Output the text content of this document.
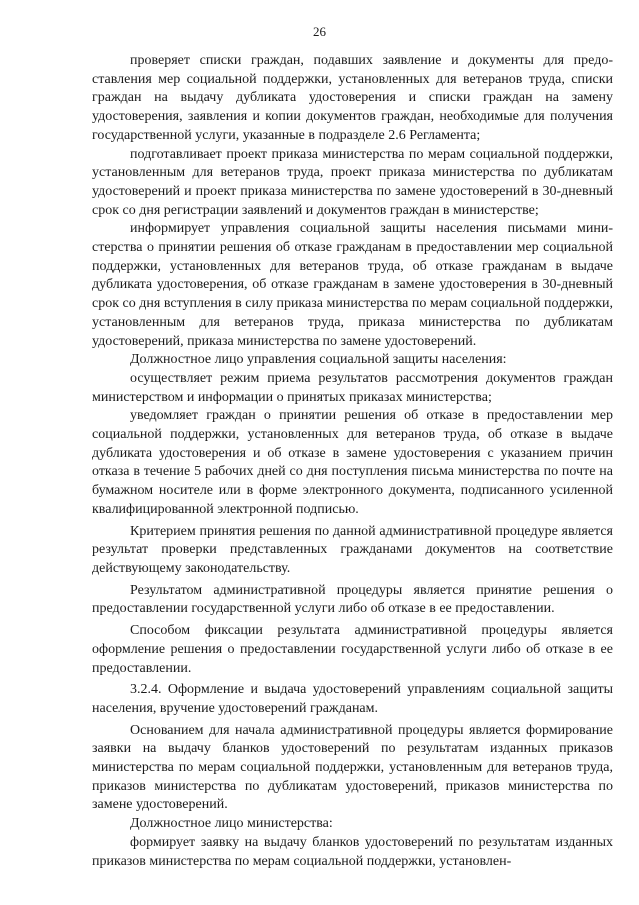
26

проверяет списки граждан, подавших заявление и документы для предоставления мер социальной поддержки, установленных для ветеранов труда, списки граждан на выдачу дубликата удостоверения и списки граждан на замену удостоверения, заявления и копии документов граждан, необходимые для получения государственной услуги, указанные в подразделе 2.6 Регламента;

подготавливает проект приказа министерства по мерам социальной поддержки, установленным для ветеранов труда, проект приказа министерства по дубликатам удостоверений и проект приказа министерства по замене удостоверений в 30-дневный срок со дня регистрации заявлений и документов граждан в министерстве;

информирует управления социальной защиты населения письмами министерства о принятии решения об отказе гражданам в предоставлении мер социальной поддержки, установленных для ветеранов труда, об отказе гражданам в выдаче дубликата удостоверения, об отказе гражданам в замене удостоверения в 30-дневный срок со дня вступления в силу приказа министерства по мерам социальной поддержки, установленным для ветеранов труда, приказа министерства по дубликатам удостоверений, приказа министерства по замене удостоверений.

Должностное лицо управления социальной защиты населения:

осуществляет режим приема результатов рассмотрения документов граждан министерством и информации о принятых приказах министерства;

уведомляет граждан о принятии решения об отказе в предоставлении мер социальной поддержки, установленных для ветеранов труда, об отказе в выдаче дубликата удостоверения и об отказе в замене удостоверения с указанием причин отказа в течение 5 рабочих дней со дня поступления письма министерства по почте на бумажном носителе или в форме электронного документа, подписанного усиленной квалифицированной электронной подписью.

Критерием принятия решения по данной административной процедуре является результат проверки представленных гражданами документов на соответствие действующему законодательству.

Результатом административной процедуры является принятие решения о предоставлении государственной услуги либо об отказе в ее предоставлении.

Способом фиксации результата административной процедуры является оформление решения о предоставлении государственной услуги либо об отказе в ее предоставлении.

3.2.4. Оформление и выдача удостоверений управлениям социальной защиты населения, вручение удостоверений гражданам.

Основанием для начала административной процедуры является формирование заявки на выдачу бланков удостоверений по результатам изданных приказов министерства по мерам социальной поддержки, установленным для ветеранов труда, приказов министерства по дубликатам удостоверений, приказов министерства по замене удостоверений.

Должностное лицо министерства:

формирует заявку на выдачу бланков удостоверений по результатам изданных приказов министерства по мерам социальной поддержки, установлен-
